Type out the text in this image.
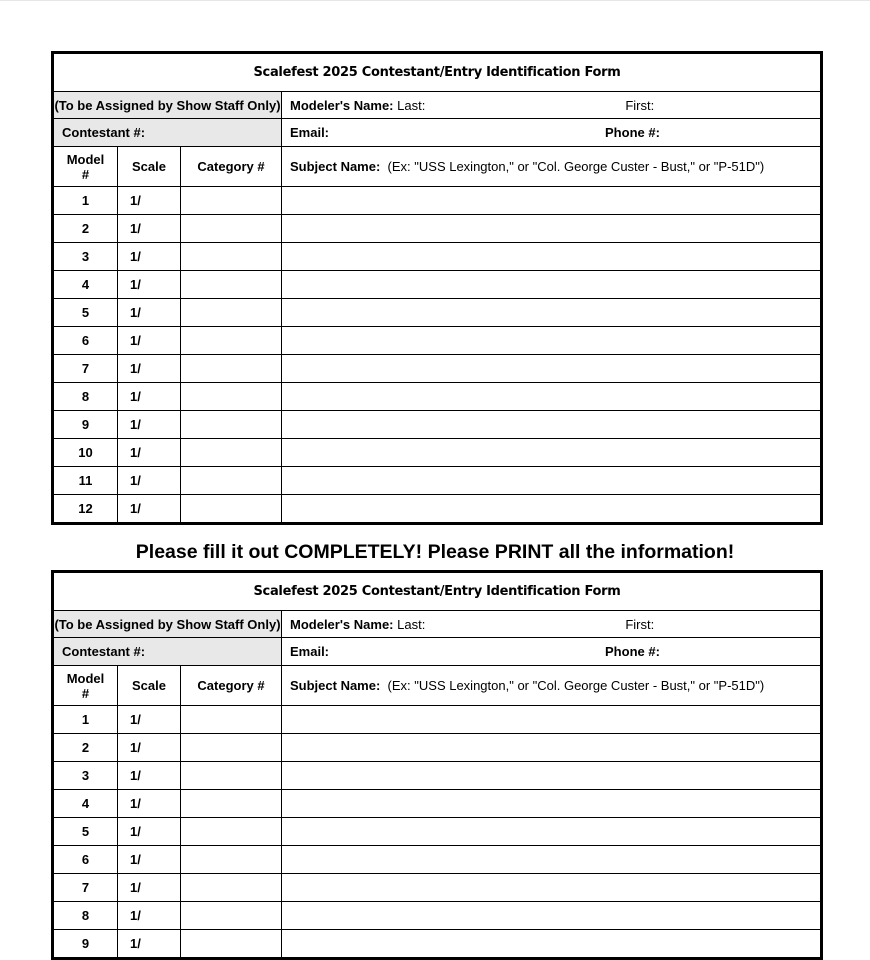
Scalefest 2025 Contestant/Entry Identification Form			
(To be Assigned by Show Staff Only)			Modeler's Name: Last: First:
Contestant #:			Email: Phone #:
Model #	Scale	Category #	Subject Name: (Ex: "USS Lexington," or "Col. George Custer - Bust," or "P-51D")
1	1/		
2	1/		
3	1/		
4	1/		
5	1/		
6	1/		
7	1/		
8	1/		
9	1/		
10	1/		
11	1/		
12	1/		
Please fill it out COMPLETELY! Please PRINT all the information!
Scalefest 2025 Contestant/Entry Identification Form			
(To be Assigned by Show Staff Only)			Modeler's Name: Last: First:
Contestant #:			Email: Phone #:
Model #	Scale	Category #	Subject Name: (Ex: "USS Lexington," or "Col. George Custer - Bust," or "P-51D")
1	1/		
2	1/		
3	1/		
4	1/		
5	1/		
6	1/		
7	1/		
8	1/		
9	1/		
